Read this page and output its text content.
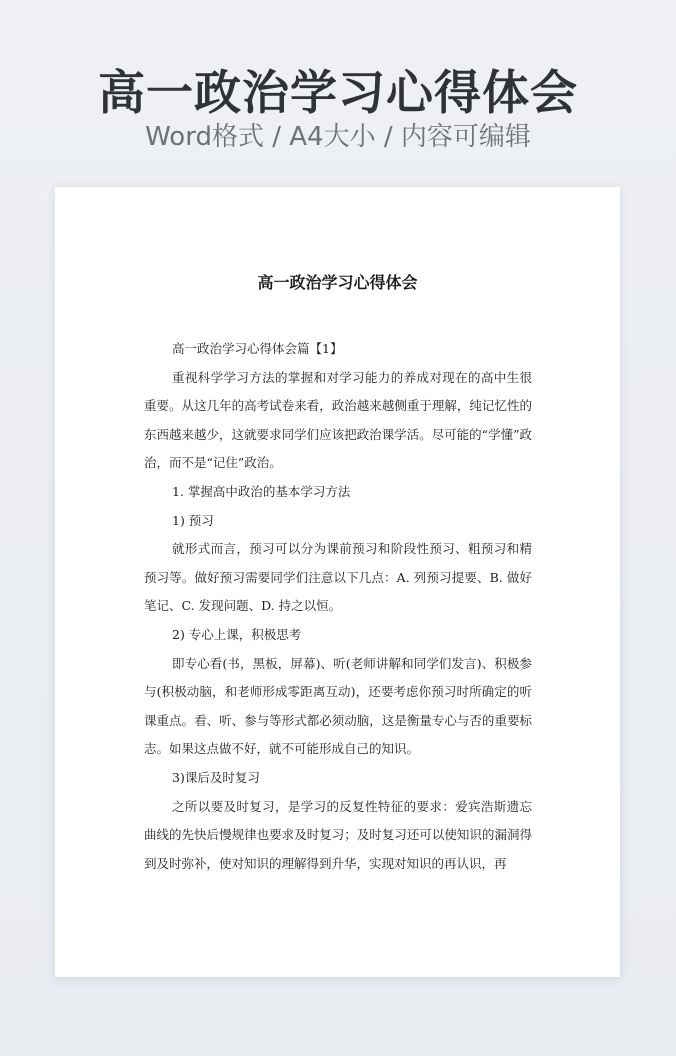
高一政治学习心得体会
Word格式 / A4大小 / 内容可编辑
高一政治学习心得体会

高一政治学习心得体会篇【1】

重视科学学习方法的掌握和对学习能力的养成对现在的高中生很重要。从这几年的高考试卷来看，政治越来越侧重于理解，纯记忆性的东西越来越少，这就要求同学们应该把政治课学活。尽可能的“学懂”政治，而不是“记住”政治。

1. 掌握高中政治的基本学习方法

1) 预习

就形式而言，预习可以分为课前预习和阶段性预习、粗预习和精预习等。做好预习需要同学们注意以下几点：A. 列预习提要、B. 做好笔记、C. 发现问题、D. 持之以恒。

2) 专心上课，积极思考

即专心看(书，黑板，屏幕)、听(老师讲解和同学们发言)、积极参与(积极动脑，和老师形成零距离互动)，还要考虑你预习时所确定的听课重点。看、听、参与等形式都必须动脑，这是衡量专心与否的重要标志。如果这点做不好，就不可能形成自己的知识。

3)课后及时复习

之所以要及时复习，是学习的反复性特征的要求：爱宾浩斯遗忘曲线的先快后慢规律也要求及时复习；及时复习还可以使知识的漏洞得到及时弥补，使对知识的理解得到升华，实现对知识的再认识，再
